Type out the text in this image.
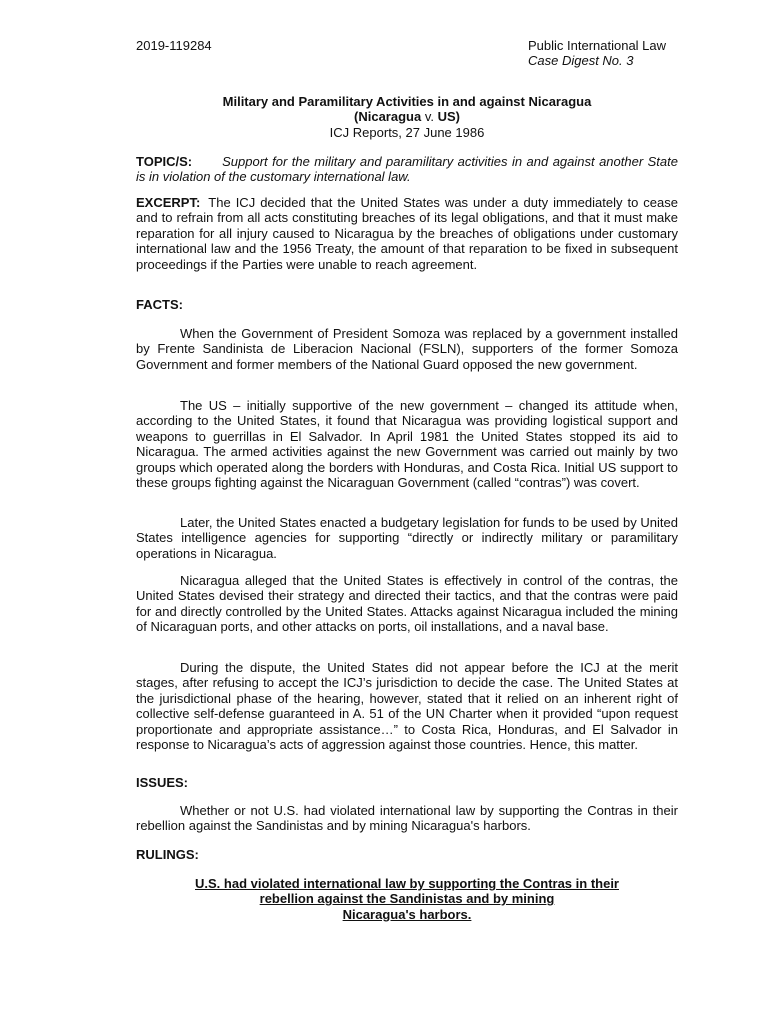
2019-119284	Public International Law
Case Digest No. 3
Military and Paramilitary Activities in and against Nicaragua
(Nicaragua v. US)
ICJ Reports, 27 June 1986
TOPIC/S: Support for the military and paramilitary activities in and against another State is in violation of the customary international law.
EXCERPT: The ICJ decided that the United States was under a duty immediately to cease and to refrain from all acts constituting breaches of its legal obligations, and that it must make reparation for all injury caused to Nicaragua by the breaches of obligations under customary international law and the 1956 Treaty, the amount of that reparation to be fixed in subsequent proceedings if the Parties were unable to reach agreement.
FACTS:
When the Government of President Somoza was replaced by a government installed by Frente Sandinista de Liberacion Nacional (FSLN), supporters of the former Somoza Government and former members of the National Guard opposed the new government.
The US – initially supportive of the new government – changed its attitude when, according to the United States, it found that Nicaragua was providing logistical support and weapons to guerrillas in El Salvador. In April 1981 the United States stopped its aid to Nicaragua. The armed activities against the new Government was carried out mainly by two groups which operated along the borders with Honduras, and Costa Rica. Initial US support to these groups fighting against the Nicaraguan Government (called “contras”) was covert.
Later, the United States enacted a budgetary legislation for funds to be used by United States intelligence agencies for supporting “directly or indirectly military or paramilitary operations in Nicaragua.
Nicaragua alleged that the United States is effectively in control of the contras, the United States devised their strategy and directed their tactics, and that the contras were paid for and directly controlled by the United States. Attacks against Nicaragua included the mining of Nicaraguan ports, and other attacks on ports, oil installations, and a naval base.
During the dispute, the United States did not appear before the ICJ at the merit stages, after refusing to accept the ICJ’s jurisdiction to decide the case. The United States at the jurisdictional phase of the hearing, however, stated that it relied on an inherent right of collective self-defense guaranteed in A. 51 of the UN Charter when it provided “upon request proportionate and appropriate assistance…” to Costa Rica, Honduras, and El Salvador in response to Nicaragua’s acts of aggression against those countries. Hence, this matter.
ISSUES:
Whether or not U.S. had violated international law by supporting the Contras in their rebellion against the Sandinistas and by mining Nicaragua's harbors.
RULINGS:
U.S. had violated international law by supporting the Contras in their
rebellion against the Sandinistas and by mining
Nicaragua's harbors.
